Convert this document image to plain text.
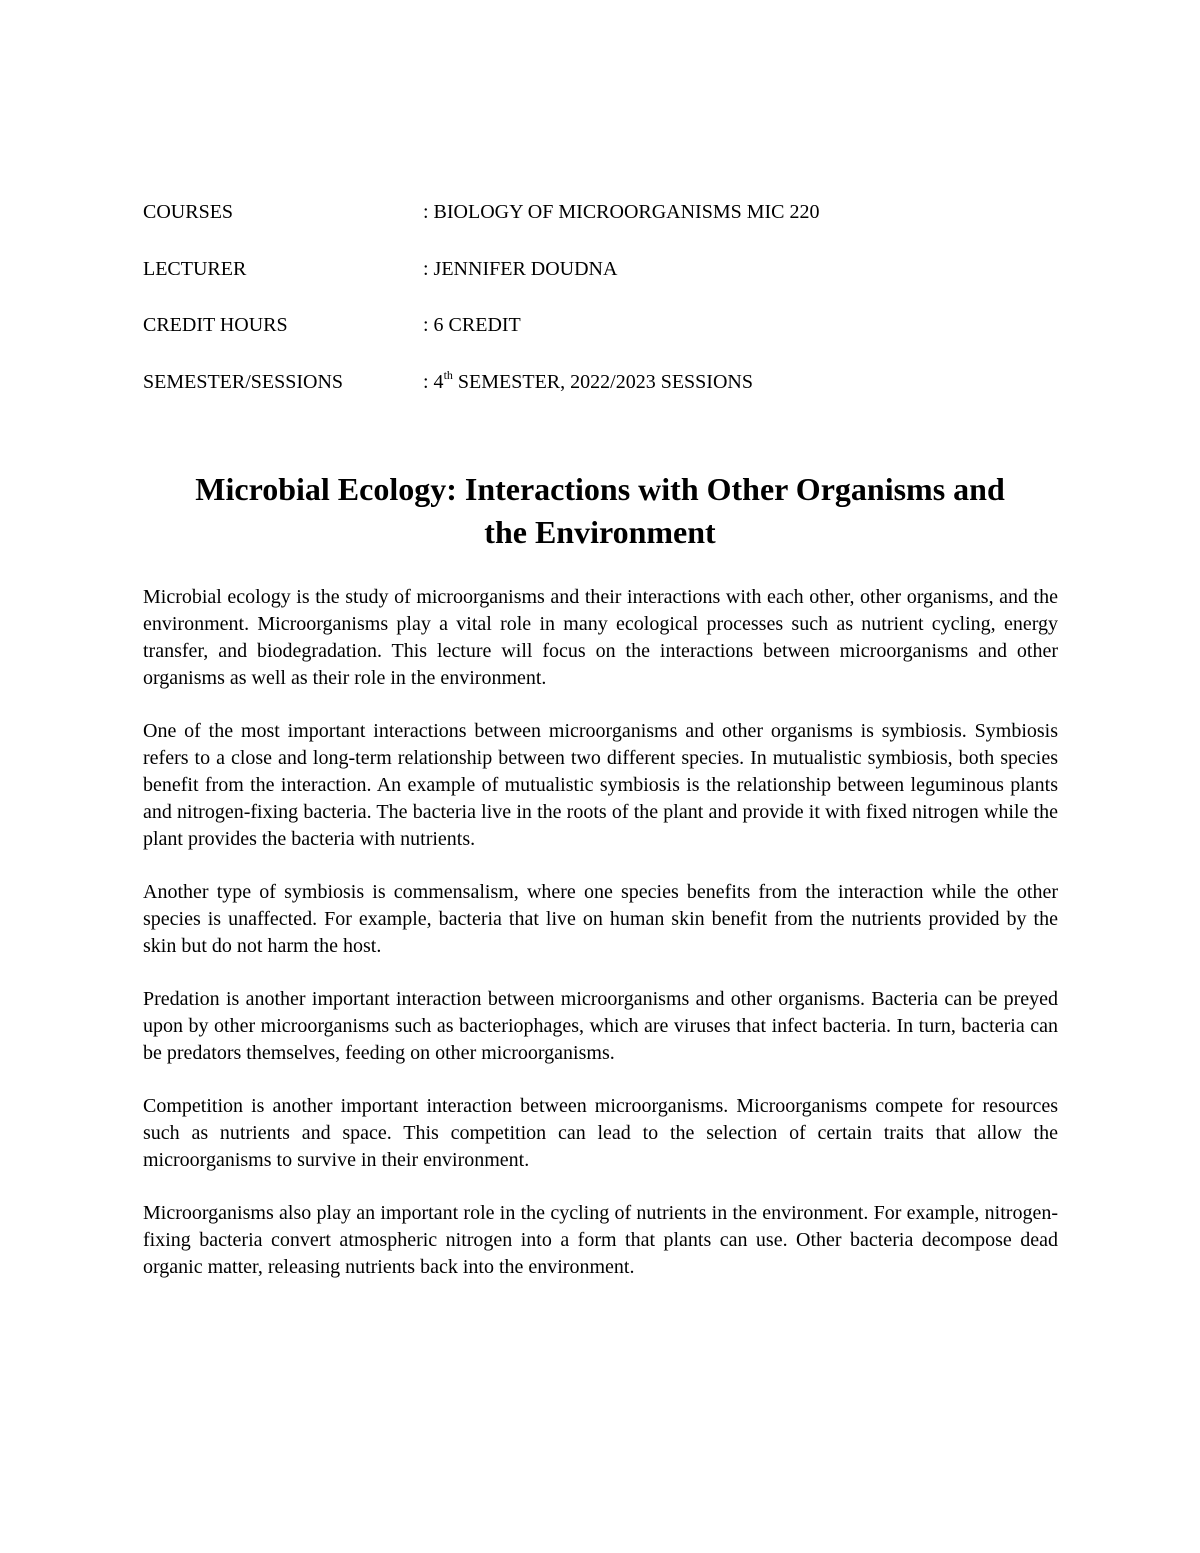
COURSES	: BIOLOGY OF MICROORGANISMS MIC 220
LECTURER	: JENNIFER DOUDNA
CREDIT HOURS	: 6 CREDIT
SEMESTER/SESSIONS	: 4th SEMESTER, 2022/2023 SESSIONS
Microbial Ecology: Interactions with Other Organisms and
the Environment

Microbial ecology is the study of microorganisms and their interactions with each other, other organisms, and the environment. Microorganisms play a vital role in many ecological processes such as nutrient cycling, energy transfer, and biodegradation. This lecture will focus on the interactions between microorganisms and other organisms as well as their role in the environment.

One of the most important interactions between microorganisms and other organisms is symbiosis. Symbiosis refers to a close and long-term relationship between two different species. In mutualistic symbiosis, both species benefit from the interaction. An example of mutualistic symbiosis is the relationship between leguminous plants and nitrogen-fixing bacteria. The bacteria live in the roots of the plant and provide it with fixed nitrogen while the plant provides the bacteria with nutrients.

Another type of symbiosis is commensalism, where one species benefits from the interaction while the other species is unaffected. For example, bacteria that live on human skin benefit from the nutrients provided by the skin but do not harm the host.

Predation is another important interaction between microorganisms and other organisms. Bacteria can be preyed upon by other microorganisms such as bacteriophages, which are viruses that infect bacteria. In turn, bacteria can be predators themselves, feeding on other microorganisms.

Competition is another important interaction between microorganisms. Microorganisms compete for resources such as nutrients and space. This competition can lead to the selection of certain traits that allow the microorganisms to survive in their environment.

Microorganisms also play an important role in the cycling of nutrients in the environment. For example, nitrogen-fixing bacteria convert atmospheric nitrogen into a form that plants can use. Other bacteria decompose dead organic matter, releasing nutrients back into the environment.
